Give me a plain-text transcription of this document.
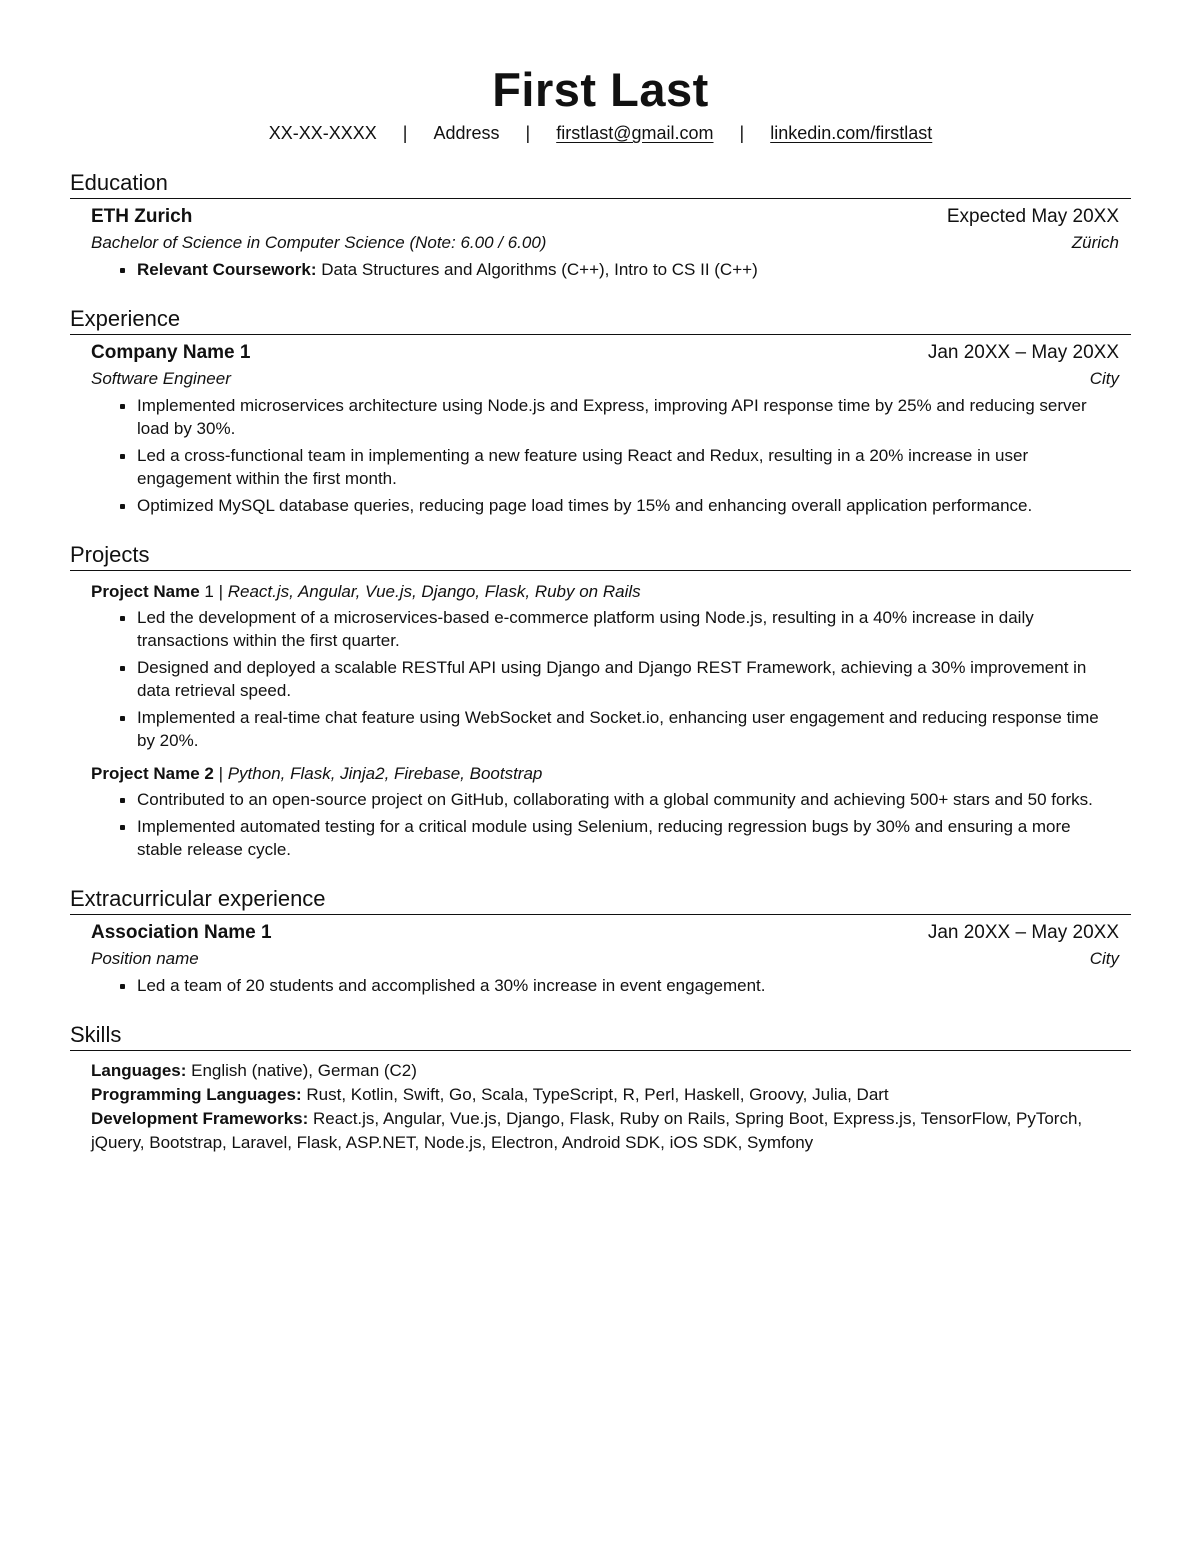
First Last
XX-XX-XXXX | Address | firstlast@gmail.com | linkedin.com/firstlast
Education
ETH Zurich	Expected May 20XX
Bachelor of Science in Computer Science (Note: 6.00 / 6.00)	Zürich
Relevant Coursework: Data Structures and Algorithms (C++), Intro to CS II (C++)
Experience
Company Name 1	Jan 20XX – May 20XX
Software Engineer	City
Implemented microservices architecture using Node.js and Express, improving API response time by 25% and reducing server load by 30%.
Led a cross-functional team in implementing a new feature using React and Redux, resulting in a 20% increase in user engagement within the first month.
Optimized MySQL database queries, reducing page load times by 15% and enhancing overall application performance.
Projects
Project Name 1 | React.js, Angular, Vue.js, Django, Flask, Ruby on Rails
Led the development of a microservices-based e-commerce platform using Node.js, resulting in a 40% increase in daily transactions within the first quarter.
Designed and deployed a scalable RESTful API using Django and Django REST Framework, achieving a 30% improvement in data retrieval speed.
Implemented a real-time chat feature using WebSocket and Socket.io, enhancing user engagement and reducing response time by 20%.
Project Name 2 | Python, Flask, Jinja2, Firebase, Bootstrap
Contributed to an open-source project on GitHub, collaborating with a global community and achieving 500+ stars and 50 forks.
Implemented automated testing for a critical module using Selenium, reducing regression bugs by 30% and ensuring a more stable release cycle.
Extracurricular experience
Association Name 1	Jan 20XX – May 20XX
Position name	City
Led a team of 20 students and accomplished a 30% increase in event engagement.
Skills
Languages: English (native), German (C2)
Programming Languages: Rust, Kotlin, Swift, Go, Scala, TypeScript, R, Perl, Haskell, Groovy, Julia, Dart
Development Frameworks: React.js, Angular, Vue.js, Django, Flask, Ruby on Rails, Spring Boot, Express.js, TensorFlow, PyTorch, jQuery, Bootstrap, Laravel, Flask, ASP.NET, Node.js, Electron, Android SDK, iOS SDK, Symfony
